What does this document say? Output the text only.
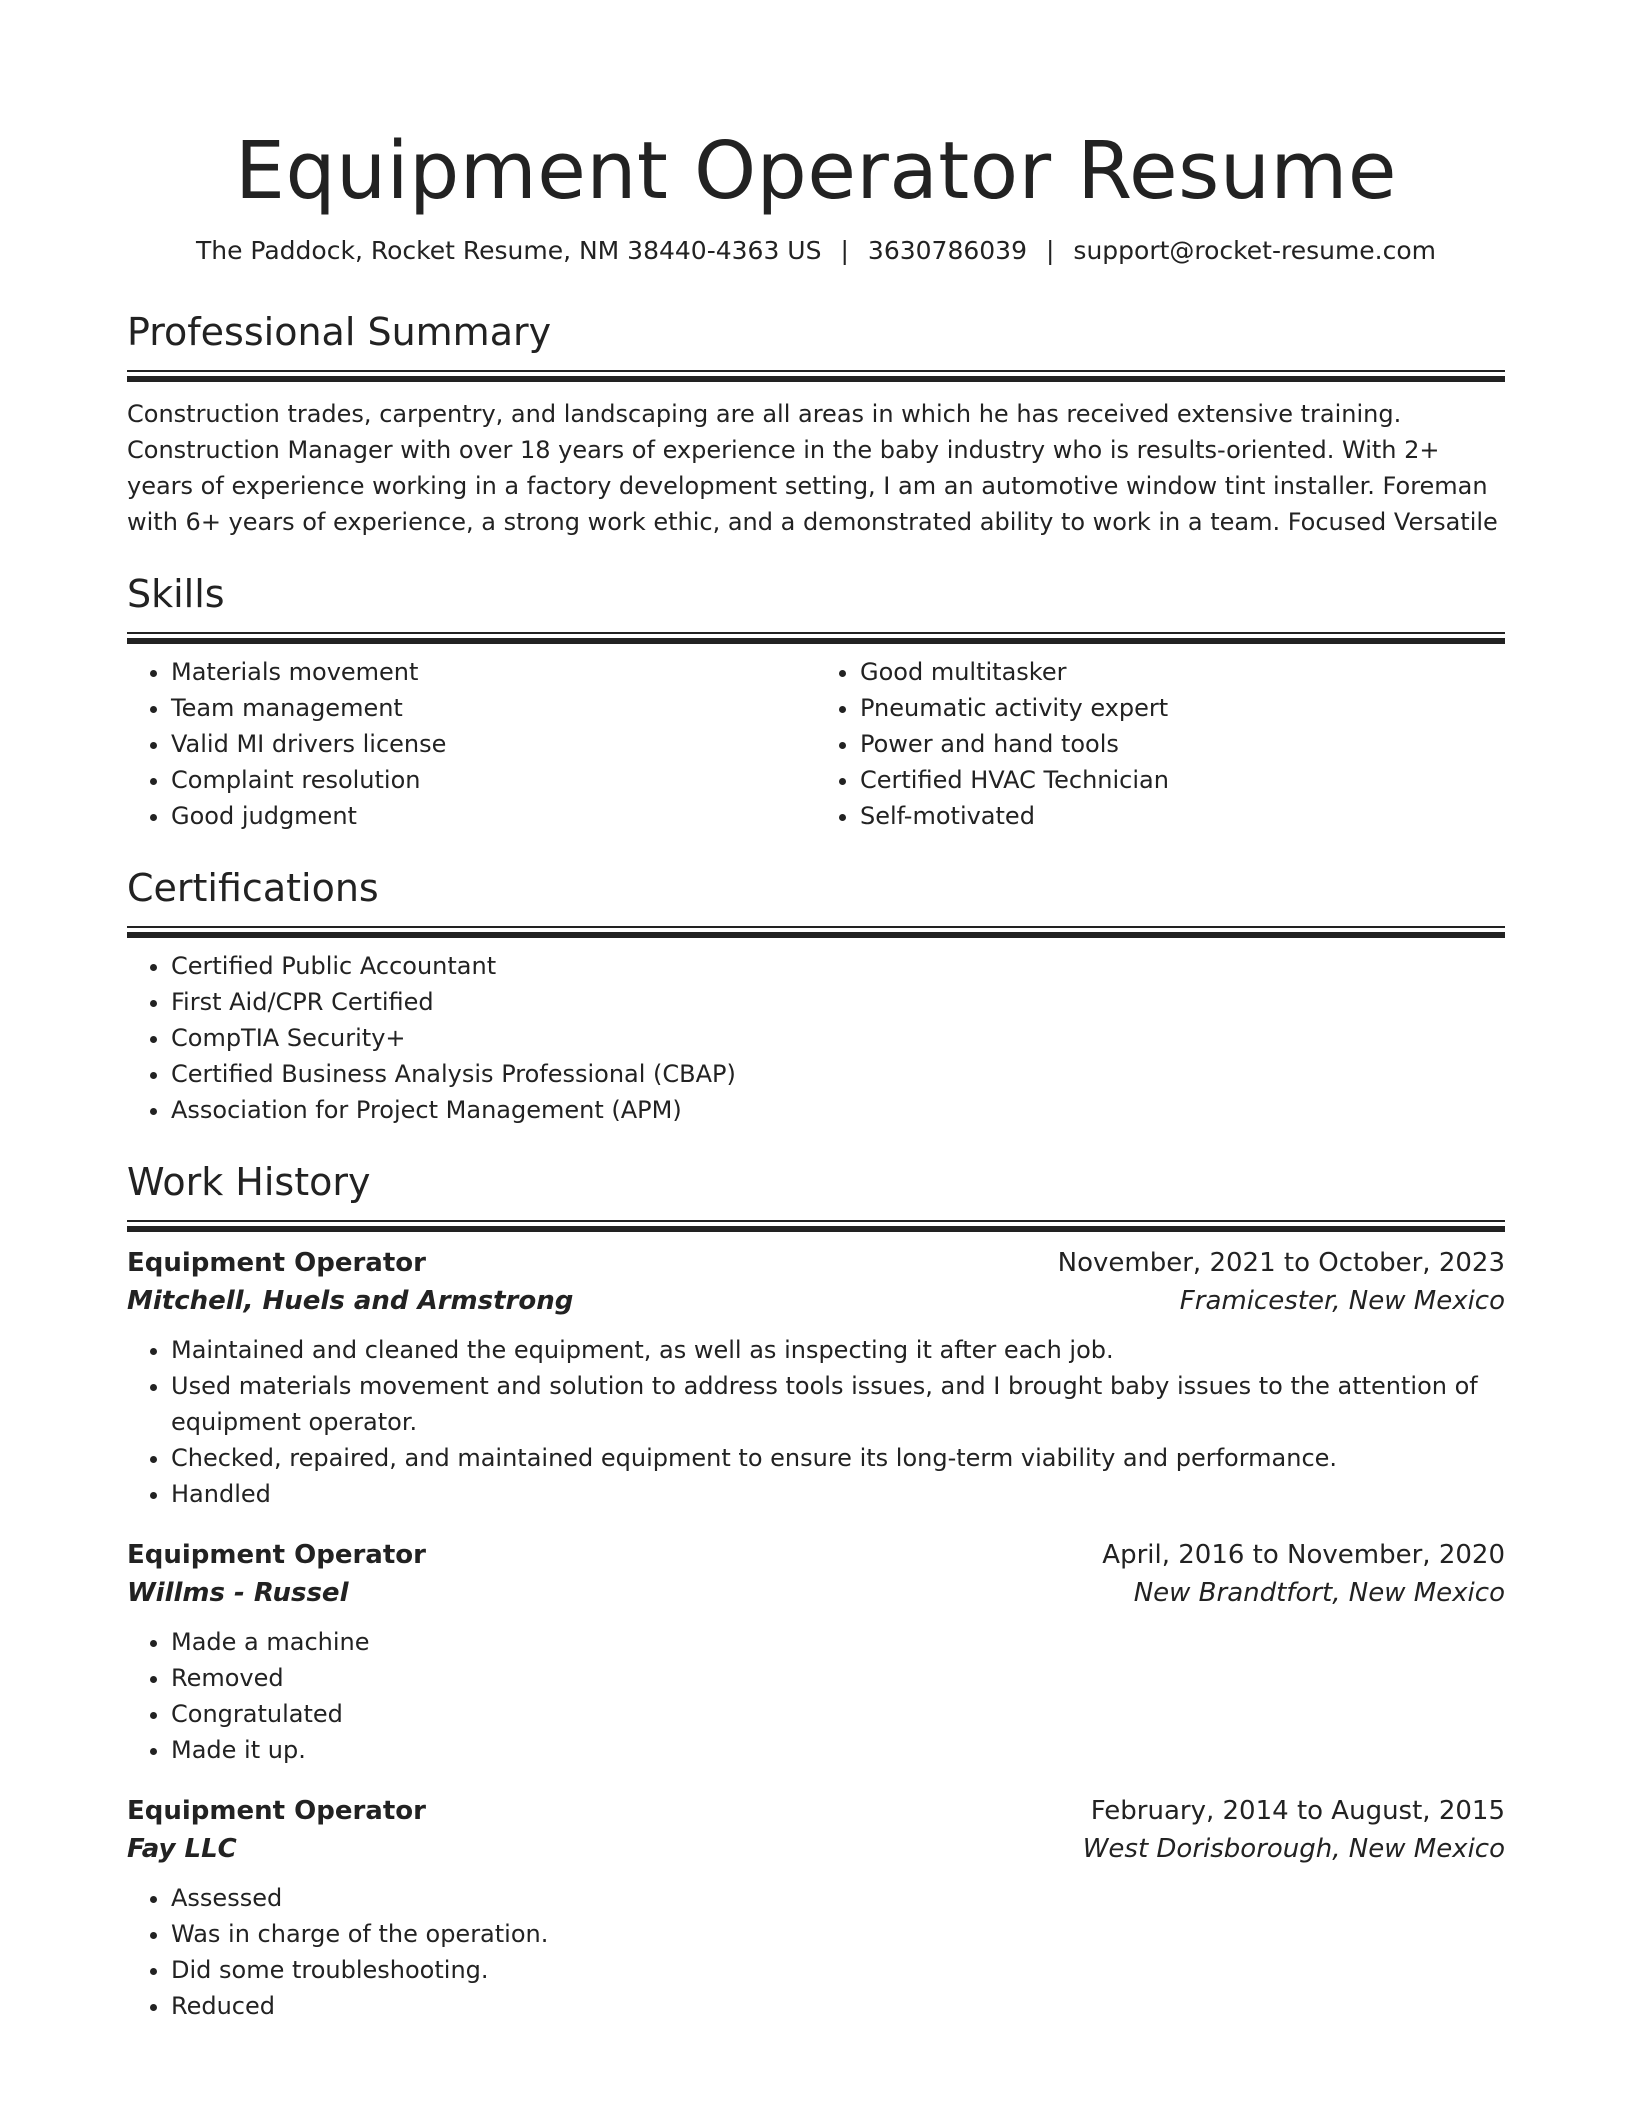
Equipment Operator Resume
The Paddock, Rocket Resume, NM 38440-4363 US | 3630786039 | support@rocket-resume.com
Professional Summary

Construction trades, carpentry, and landscaping are all areas in which he has received extensive training. Construction Manager with over 18 years of experience in the baby industry who is results-oriented. With 2+ years of experience working in a factory development setting, I am an automotive window tint installer. Foreman with 6+ years of experience, a strong work ethic, and a demonstrated ability to work in a team. Focused Versatile

Skills
• Materials movement
• Team management
• Valid MI drivers license
• Complaint resolution
• Good judgment
• Good multitasker
• Pneumatic activity expert
• Power and hand tools
• Certified HVAC Technician
• Self-motivated
Certifications
• Certified Public Accountant
• First Aid/CPR Certified
• CompTIA Security+
• Certified Business Analysis Professional (CBAP)
• Association for Project Management (APM)
Work History
Equipment Operator	November, 2021 to October, 2023
Mitchell, Huels and Armstrong	Framicester, New Mexico
• Maintained and cleaned the equipment, as well as inspecting it after each job.
• Used materials movement and solution to address tools issues, and I brought baby issues to the attention of equipment operator.
• Checked, repaired, and maintained equipment to ensure its long-term viability and performance.
• Handled
Equipment Operator	April, 2016 to November, 2020
Willms - Russel	New Brandtfort, New Mexico
• Made a machine
• Removed
• Congratulated
• Made it up.
Equipment Operator	February, 2014 to August, 2015
Fay LLC	West Dorisborough, New Mexico
• Assessed
• Was in charge of the operation.
• Did some troubleshooting.
• Reduced
